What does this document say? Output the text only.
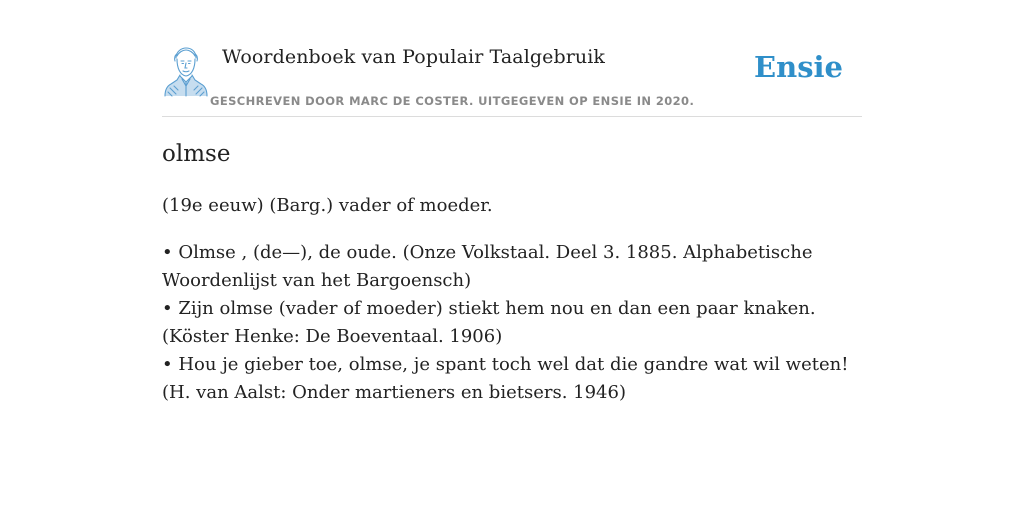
Woordenboek van Populair Taalgebruik
GESCHREVEN DOOR MARC DE COSTER. UITGEGEVEN OP ENSIE IN 2020.
Ensie
olmse

(19e eeuw) (Barg.) vader of moeder.

• Olmse , (de—), de oude. (Onze Volkstaal. Deel 3. 1885. Alphabetische Woordenlijst van het Bargoensch)
• Zijn olmse (vader of moeder) stiekt hem nou en dan een paar knaken. (Köster Henke: De Boeventaal. 1906)
• Hou je gieber toe, olmse, je spant toch wel dat die gandre wat wil weten! (H. van Aalst: Onder martieners en bietsers. 1946)
